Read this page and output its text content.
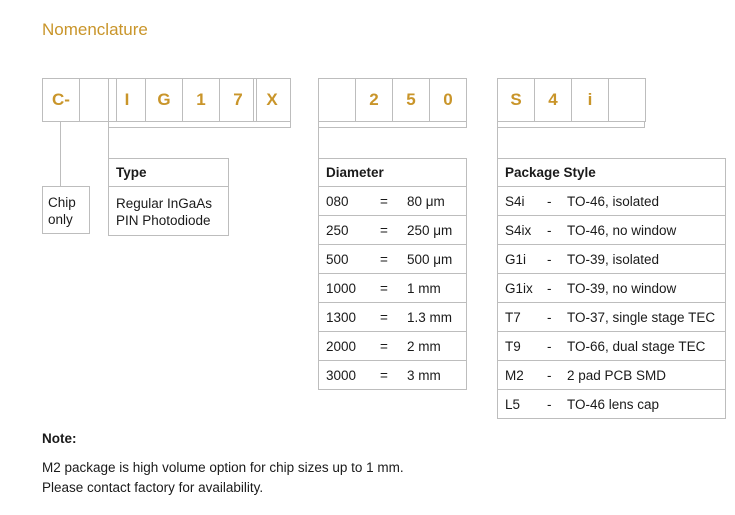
Nomenclature
C-	I	G	1	7	X	2	5	0	S	4	i
Chip
only
Type
Regular InGaAs
PIN Photodiode
Diameter
080	=	80 μm
250	=	250 μm
500	=	500 μm
1000	=	1 mm
1300	=	1.3 mm
2000	=	2 mm
3000	=	3 mm
Package Style
S4i	-	TO-46, isolated
S4ix	-	TO-46, no window
G1i	-	TO-39, isolated
G1ix	-	TO-39, no window
T7	-	TO-37, single stage TEC
T9	-	TO-66, dual stage TEC
M2	-	2 pad PCB SMD
L5	-	TO-46 lens cap
Note:
M2 package is high volume option for chip sizes up to 1 mm.
Please contact factory for availability.
